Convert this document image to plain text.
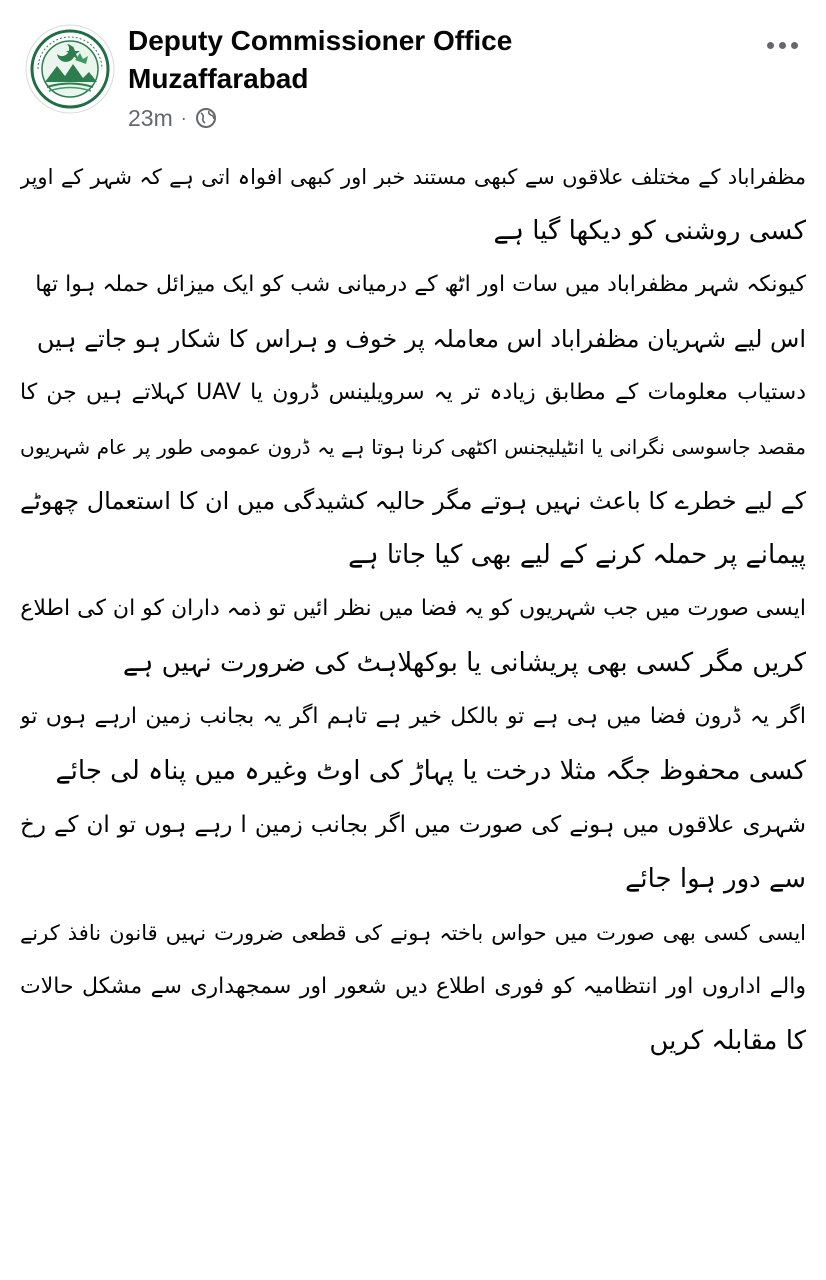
Deputy Commissioner Office
Muzaffarabad
23m ·
مظفراباد کے مختلف علاقوں سے کبھی مستند خبر اور کبھی افواہ اتی ہے کہ شہر کے اوپر
کسی روشنی کو دیکھا گیا ہے
کیونکہ شہر مظفراباد میں سات اور اٹھ کے درمیانی شب کو ایک میزائل حملہ ہوا تھا
اس لیے شہریان مظفراباد اس معاملہ پر خوف و ہراس کا شکار ہو جاتے ہیں
دستیاب معلومات کے مطابق زیادہ تر یہ سرویلینس ڈرون یا UAV کہلاتے ہیں جن کا
مقصد جاسوسی نگرانی یا انٹیلیجنس اکٹھی کرنا ہوتا ہے یہ ڈرون عمومی طور پر عام شہریوں
کے لیے خطرے کا باعث نہیں ہوتے مگر حالیہ کشیدگی میں ان کا استعمال چھوٹے
پیمانے پر حملہ کرنے کے لیے بھی کیا جاتا ہے
ایسی صورت میں جب شہریوں کو یہ فضا میں نظر ائیں تو ذمہ داران کو ان کی اطلاع
کریں مگر کسی بھی پریشانی یا بوکھلاہٹ کی ضرورت نہیں ہے
اگر یہ ڈرون فضا میں ہی ہے تو بالکل خیر ہے تاہم اگر یہ بجانب زمین ارہے ہوں تو
کسی محفوظ جگہ مثلا درخت یا پہاڑ کی اوٹ وغیرہ میں پناہ لی جائے
شہری علاقوں میں ہونے کی صورت میں اگر بجانب زمین ا رہے ہوں تو ان کے رخ
سے دور ہوا جائے
ایسی کسی بھی صورت میں حواس باختہ ہونے کی قطعی ضرورت نہیں قانون نافذ کرنے
والے اداروں اور انتظامیہ کو فوری اطلاع دیں شعور اور سمجھداری سے مشکل حالات
کا مقابلہ کریں
